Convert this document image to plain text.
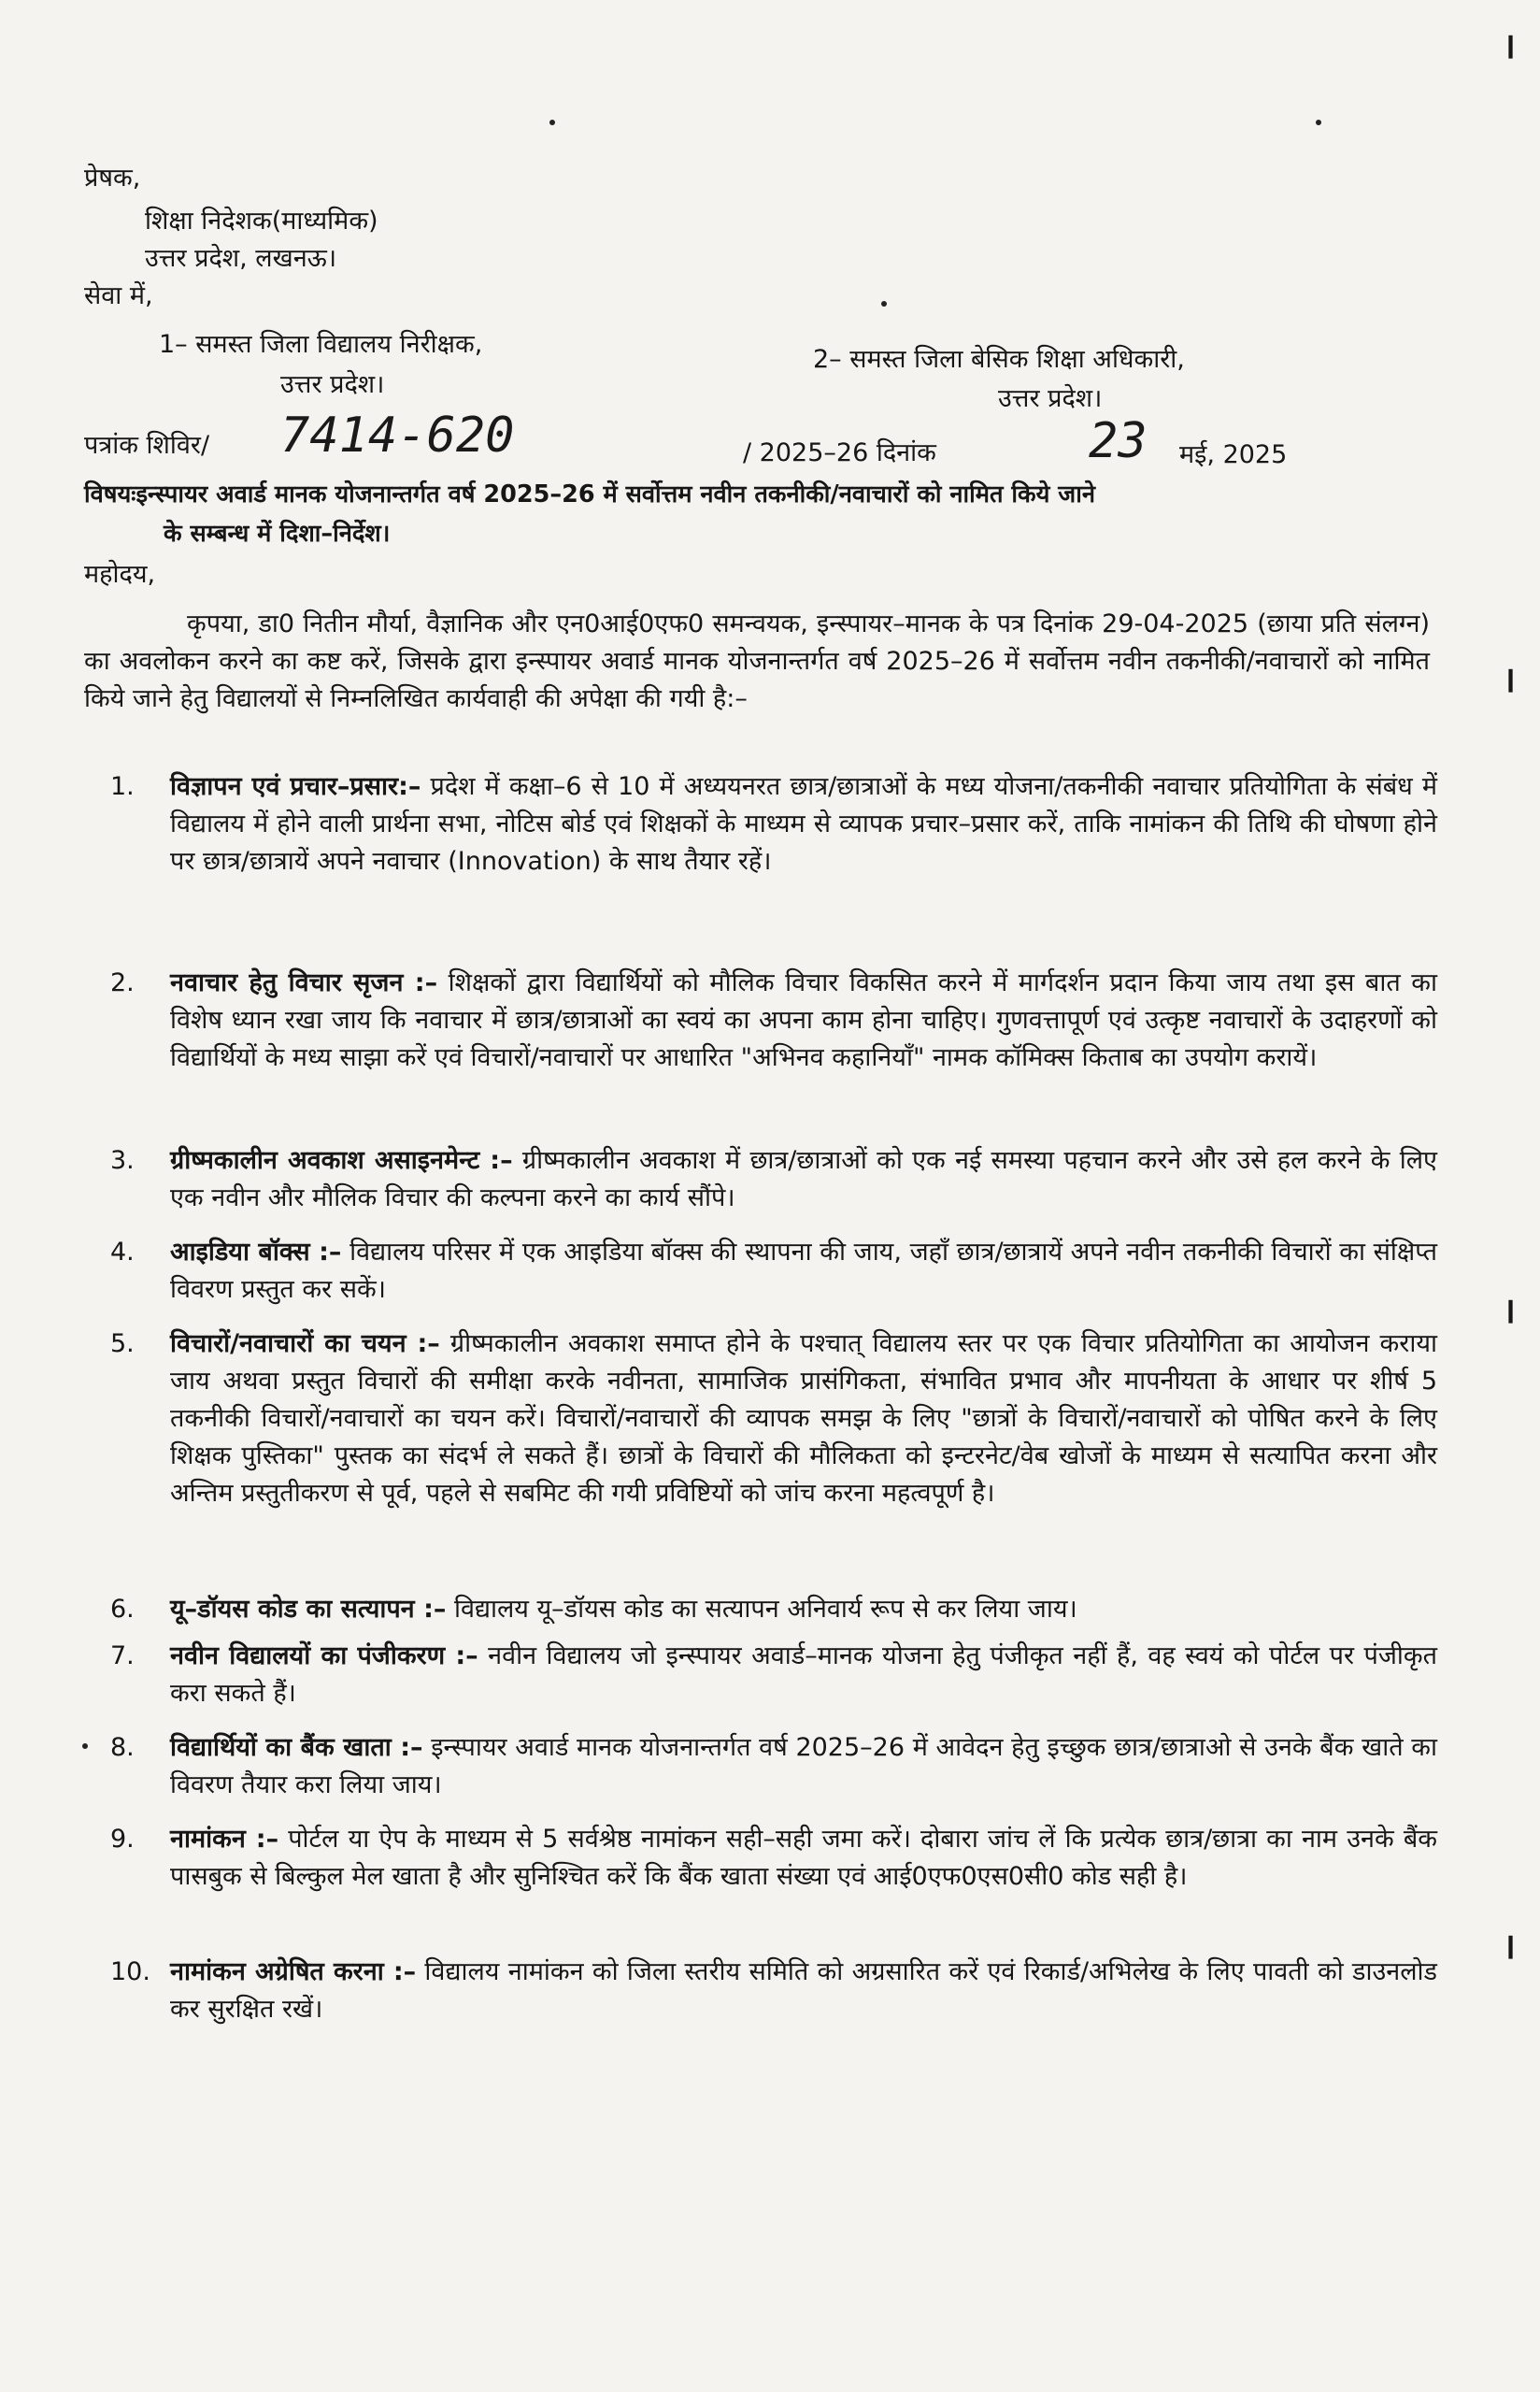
प्रेषक,
शिक्षा निदेशक(माध्यमिक)
उत्तर प्रदेश, लखनऊ।
सेवा में,
1– समस्त जिला विद्यालय निरीक्षक,
उत्तर प्रदेश।
2– समस्त जिला बेसिक शिक्षा अधिकारी,
उत्तर प्रदेश।
पत्रांक शिविर/ 7414-620	/ 2025–26 दिनांक	23 मई, 2025
विषयःइन्स्पायर अवार्ड मानक योजनान्तर्गत वर्ष 2025–26 में सर्वोत्तम नवीन तकनीकी/नवाचारों को नामित किये जाने
के सम्बन्ध में दिशा–निर्देश।
महोदय,
कृपया, डा0 नितीन मौर्या, वैज्ञानिक और एन0आई0एफ0 समन्वयक, इन्स्पायर–मानक के पत्र दिनांक 29-04-2025 (छाया प्रति संलग्न) का अवलोकन करने का कष्ट करें, जिसके द्वारा इन्स्पायर अवार्ड मानक योजनान्तर्गत वर्ष 2025–26 में सर्वोत्तम नवीन तकनीकी/नवाचारों को नामित किये जाने हेतु विद्यालयों से निम्नलिखित कार्यवाही की अपेक्षा की गयी है:–
1. विज्ञापन एवं प्रचार–प्रसार:– प्रदेश में कक्षा–6 से 10 में अध्ययनरत छात्र/छात्राओं के मध्य योजना/तकनीकी नवाचार प्रतियोगिता के संबंध में विद्यालय में होने वाली प्रार्थना सभा, नोटिस बोर्ड एवं शिक्षकों के माध्यम से व्यापक प्रचार–प्रसार करें, ताकि नामांकन की तिथि की घोषणा होने पर छात्र/छात्रायें अपने नवाचार (Innovation) के साथ तैयार रहें।
2. नवाचार हेतु विचार सृजन :– शिक्षकों द्वारा विद्यार्थियों को मौलिक विचार विकसित करने में मार्गदर्शन प्रदान किया जाय तथा इस बात का विशेष ध्यान रखा जाय कि नवाचार में छात्र/छात्राओं का स्वयं का अपना काम होना चाहिए। गुणवत्तापूर्ण एवं उत्कृष्ट नवाचारों के उदाहरणों को विद्यार्थियों के मध्य साझा करें एवं विचारों/नवाचारों पर आधारित "अभिनव कहानियाँ" नामक कॉमिक्स किताब का उपयोग करायें।
3. ग्रीष्मकालीन अवकाश असाइनमेन्ट :– ग्रीष्मकालीन अवकाश में छात्र/छात्राओं को एक नई समस्या पहचान करने और उसे हल करने के लिए एक नवीन और मौलिक विचार की कल्पना करने का कार्य सौंपे।
4. आइडिया बॉक्स :– विद्यालय परिसर में एक आइडिया बॉक्स की स्थापना की जाय, जहाँ छात्र/छात्रायें अपने नवीन तकनीकी विचारों का संक्षिप्त विवरण प्रस्तुत कर सकें।
5. विचारों/नवाचारों का चयन :– ग्रीष्मकालीन अवकाश समाप्त होने के पश्चात् विद्यालय स्तर पर एक विचार प्रतियोगिता का आयोजन कराया जाय अथवा प्रस्तुत विचारों की समीक्षा करके नवीनता, सामाजिक प्रासंगिकता, संभावित प्रभाव और मापनीयता के आधार पर शीर्ष 5 तकनीकी विचारों/नवाचारों का चयन करें। विचारों/नवाचारों की व्यापक समझ के लिए "छात्रों के विचारों/नवाचारों को पोषित करने के लिए शिक्षक पुस्तिका" पुस्तक का संदर्भ ले सकते हैं। छात्रों के विचारों की मौलिकता को इन्टरनेट/वेब खोजों के माध्यम से सत्यापित करना और अन्तिम प्रस्तुतीकरण से पूर्व, पहले से सबमिट की गयी प्रविष्टियों को जांच करना महत्वपूर्ण है।
6. यू–डॉयस कोड का सत्यापन :– विद्यालय यू–डॉयस कोड का सत्यापन अनिवार्य रूप से कर लिया जाय।
7. नवीन विद्यालयों का पंजीकरण :– नवीन विद्यालय जो इन्स्पायर अवार्ड–मानक योजना हेतु पंजीकृत नहीं हैं, वह स्वयं को पोर्टल पर पंजीकृत करा सकते हैं।
8. विद्यार्थियों का बैंक खाता :– इन्स्पायर अवार्ड मानक योजनान्तर्गत वर्ष 2025–26 में आवेदन हेतु इच्छुक छात्र/छात्राओ से उनके बैंक खाते का विवरण तैयार करा लिया जाय।
9. नामांकन :– पोर्टल या ऐप के माध्यम से 5 सर्वश्रेष्ठ नामांकन सही–सही जमा करें। दोबारा जांच लें कि प्रत्येक छात्र/छात्रा का नाम उनके बैंक पासबुक से बिल्कुल मेल खाता है और सुनिश्चित करें कि बैंक खाता संख्या एवं आई0एफ0एस0सी0 कोड सही है।
10. नामांकन अग्रेषित करना :– विद्यालय नामांकन को जिला स्तरीय समिति को अग्रसारित करें एवं रिकार्ड/अभिलेख के लिए पावती को डाउनलोड कर सुरक्षित रखें।
।
।
।
।
